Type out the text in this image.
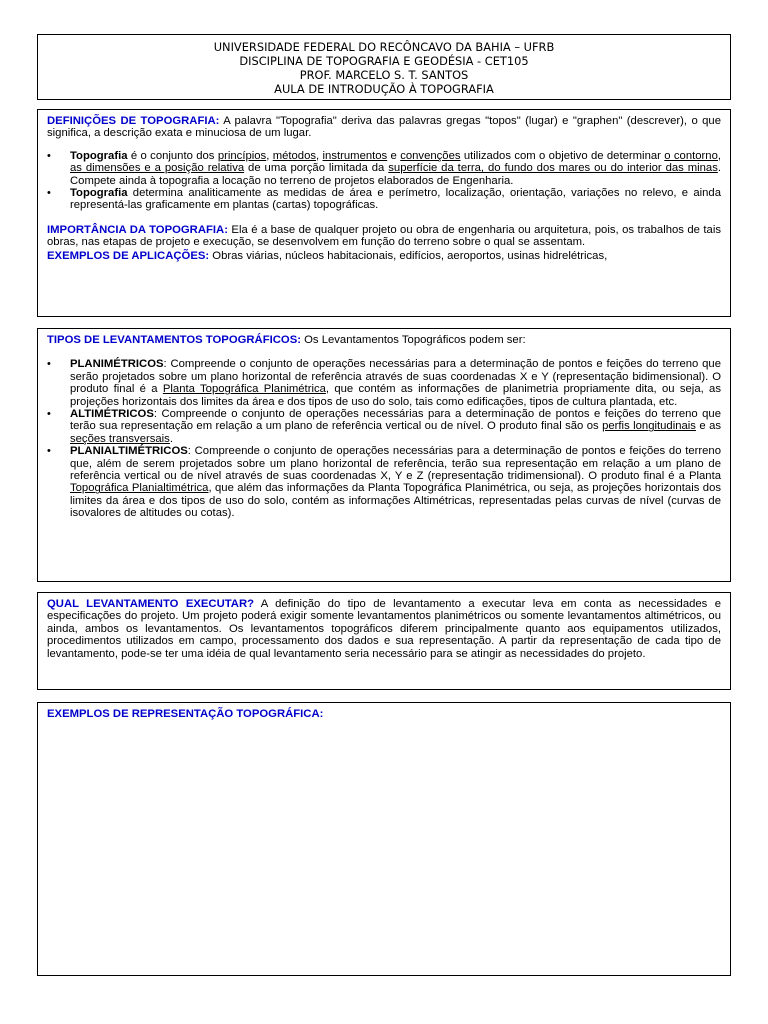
UNIVERSIDADE FEDERAL DO RECÔNCAVO DA BAHIA – UFRB
DISCIPLINA DE TOPOGRAFIA E GEODÉSIA - CET105
PROF. MARCELO S. T. SANTOS
AULA DE INTRODUÇÃO À TOPOGRAFIA

DEFINIÇÕES DE TOPOGRAFIA: A palavra "Topografia" deriva das palavras gregas "topos" (lugar) e "graphen" (descrever), o que significa, a descrição exata e minuciosa de um lugar.

• Topografia é o conjunto dos princípios, métodos, instrumentos e convenções utilizados com o objetivo de determinar o contorno, as dimensões e a posição relativa de uma porção limitada da superfície da terra, do fundo dos mares ou do interior das minas. Compete ainda à topografia a locação no terreno de projetos elaborados de Engenharia.
• Topografia determina analiticamente as medidas de área e perímetro, localização, orientação, variações no relevo, e ainda representá-las graficamente em plantas (cartas) topográficas.

IMPORTÂNCIA DA TOPOGRAFIA: Ela é a base de qualquer projeto ou obra de engenharia ou arquitetura, pois, os trabalhos de tais obras, nas etapas de projeto e execução, se desenvolvem em função do terreno sobre o qual se assentam.

EXEMPLOS DE APLICAÇÕES: Obras viárias, núcleos habitacionais, edifícios, aeroportos, usinas hidrelétricas,

TIPOS DE LEVANTAMENTOS TOPOGRÁFICOS: Os Levantamentos Topográficos podem ser:

• PLANIMÉTRICOS: Compreende o conjunto de operações necessárias para a determinação de pontos e feições do terreno que serão projetados sobre um plano horizontal de referência através de suas coordenadas X e Y (representação bidimensional). O produto final é a Planta Topográfica Planimétrica, que contém as informações de planimetria propriamente dita, ou seja, as projeções horizontais dos limites da área e dos tipos de uso do solo, tais como edificações, tipos de cultura plantada, etc.
• ALTIMÉTRICOS: Compreende o conjunto de operações necessárias para a determinação de pontos e feições do terreno que terão sua representação em relação a um plano de referência vertical ou de nível. O produto final são os perfis longitudinais e as seções transversais.
• PLANIALTIMÉTRICOS: Compreende o conjunto de operações necessárias para a determinação de pontos e feições do terreno que, além de serem projetados sobre um plano horizontal de referência, terão sua representação em relação a um plano de referência vertical ou de nível através de suas coordenadas X, Y e Z (representação tridimensional). O produto final é a Planta Topográfica Planialtimétrica, que além das informações da Planta Topográfica Planimétrica, ou seja, as projeções horizontais dos limites da área e dos tipos de uso do solo, contém as informações Altimétricas, representadas pelas curvas de nível (curvas de isovalores de altitudes ou cotas).

QUAL LEVANTAMENTO EXECUTAR? A definição do tipo de levantamento a executar leva em conta as necessidades e especificações do projeto. Um projeto poderá exigir somente levantamentos planimétricos ou somente levantamentos altimétricos, ou ainda, ambos os levantamentos. Os levantamentos topográficos diferem principalmente quanto aos equipamentos utilizados, procedimentos utilizados em campo, processamento dos dados e sua representação. A partir da representação de cada tipo de levantamento, pode-se ter uma idéia de qual levantamento seria necessário para se atingir as necessidades do projeto.

EXEMPLOS DE REPRESENTAÇÃO TOPOGRÁFICA:
